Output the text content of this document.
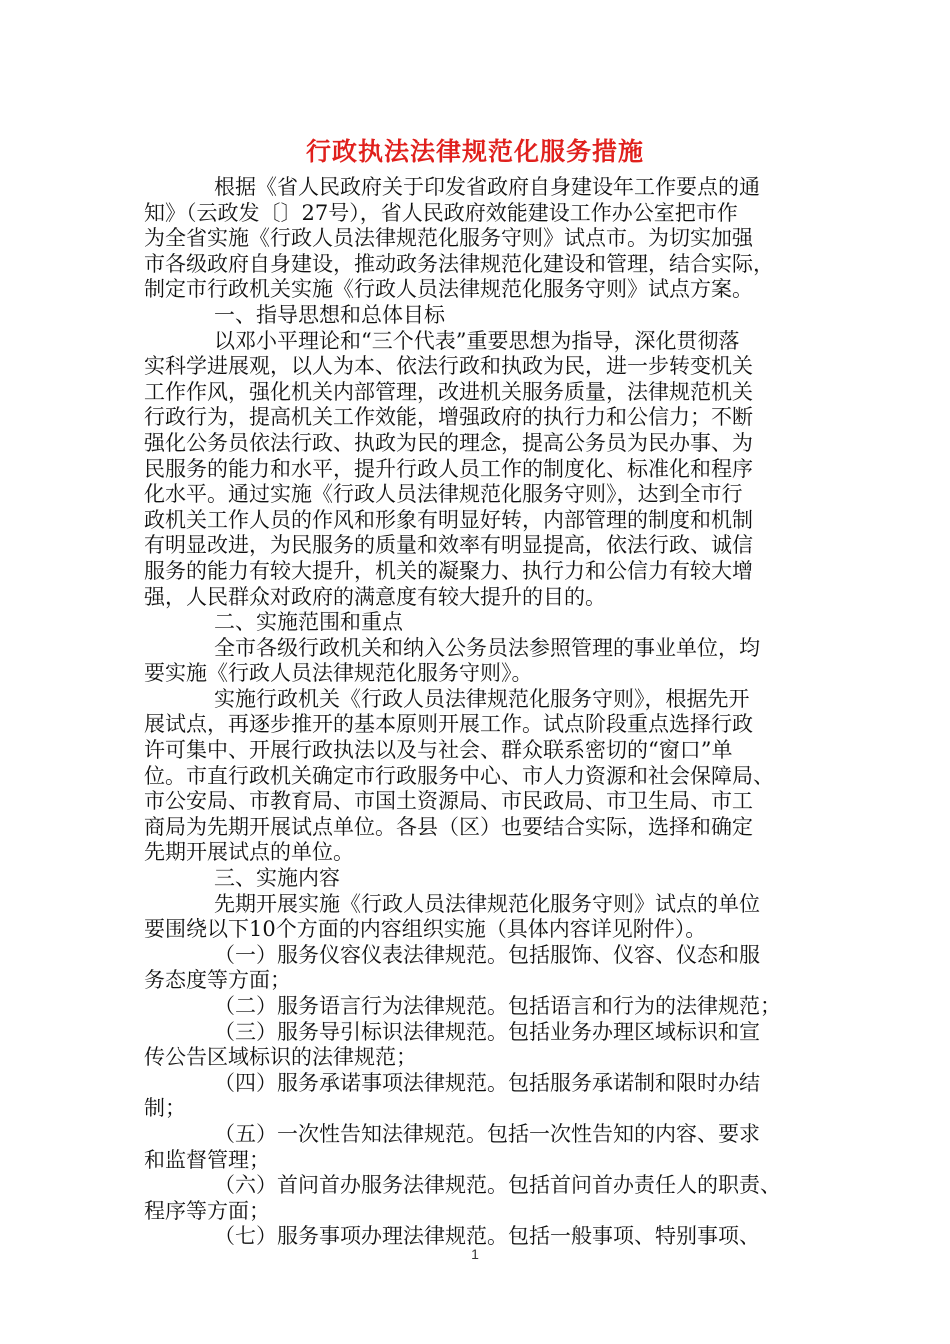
行政执法法律规范化服务措施
根据《省人民政府关于印发省政府自身建设年工作要点的通
知》（云政发〔〕27号），省人民政府效能建设工作办公室把市作
为全省实施《行政人员法律规范化服务守则》试点市。为切实加强
市各级政府自身建设，推动政务法律规范化建设和管理，结合实际，
制定市行政机关实施《行政人员法律规范化服务守则》试点方案。
一、指导思想和总体目标
以邓小平理论和“三个代表”重要思想为指导，深化贯彻落
实科学进展观，以人为本、依法行政和执政为民，进一步转变机关
工作作风，强化机关内部管理，改进机关服务质量，法律规范机关
行政行为，提高机关工作效能，增强政府的执行力和公信力；不断
强化公务员依法行政、执政为民的理念，提高公务员为民办事、为
民服务的能力和水平，提升行政人员工作的制度化、标准化和程序
化水平。通过实施《行政人员法律规范化服务守则》，达到全市行
政机关工作人员的作风和形象有明显好转，内部管理的制度和机制
有明显改进，为民服务的质量和效率有明显提高，依法行政、诚信
服务的能力有较大提升，机关的凝聚力、执行力和公信力有较大增
强，人民群众对政府的满意度有较大提升的目的。
二、实施范围和重点
全市各级行政机关和纳入公务员法参照管理的事业单位，均
要实施《行政人员法律规范化服务守则》。
实施行政机关《行政人员法律规范化服务守则》，根据先开
展试点，再逐步推开的基本原则开展工作。试点阶段重点选择行政
许可集中、开展行政执法以及与社会、群众联系密切的“窗口”单
位。市直行政机关确定市行政服务中心、市人力资源和社会保障局、
市公安局、市教育局、市国土资源局、市民政局、市卫生局、市工
商局为先期开展试点单位。各县（区）也要结合实际，选择和确定
先期开展试点的单位。
三、实施内容
先期开展实施《行政人员法律规范化服务守则》试点的单位
要围绕以下10个方面的内容组织实施（具体内容详见附件）。
（一）服务仪容仪表法律规范。包括服饰、仪容、仪态和服
务态度等方面；
（二）服务语言行为法律规范。包括语言和行为的法律规范；
（三）服务导引标识法律规范。包括业务办理区域标识和宣
传公告区域标识的法律规范；
（四）服务承诺事项法律规范。包括服务承诺制和限时办结
制；
（五）一次性告知法律规范。包括一次性告知的内容、要求
和监督管理；
（六）首问首办服务法律规范。包括首问首办责任人的职责、
程序等方面；
（七）服务事项办理法律规范。包括一般事项、特别事项、
1
